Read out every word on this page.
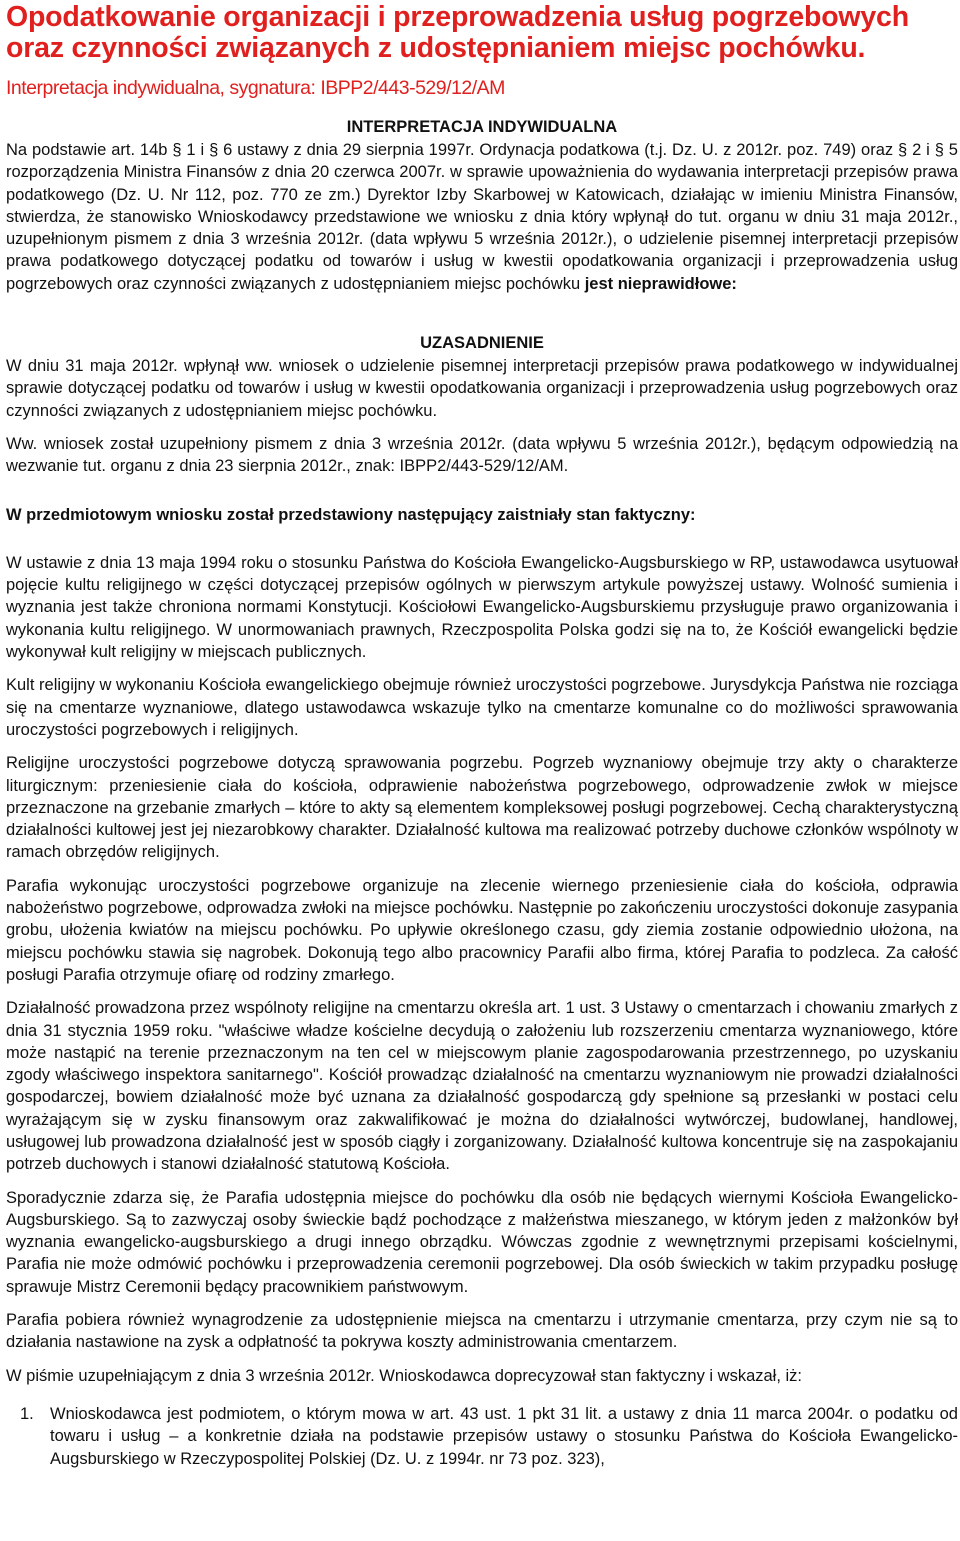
Opodatkowanie organizacji i przeprowadzenia usług pogrzebowych oraz czynności związanych z udostępnianiem miejsc pochówku.
Interpretacja indywidualna, sygnatura: IBPP2/443-529/12/AM
INTERPRETACJA INDYWIDUALNA

Na podstawie art. 14b § 1 i § 6 ustawy z dnia 29 sierpnia 1997r. Ordynacja podatkowa (t.j. Dz. U. z 2012r. poz. 749) oraz § 2 i § 5 rozporządzenia Ministra Finansów z dnia 20 czerwca 2007r. w sprawie upoważnienia do wydawania interpretacji przepisów prawa podatkowego (Dz. U. Nr 112, poz. 770 ze zm.) Dyrektor Izby Skarbowej w Katowicach, działając w imieniu Ministra Finansów, stwierdza, że stanowisko Wnioskodawcy przedstawione we wniosku z dnia który wpłynął do tut. organu w dniu 31 maja 2012r., uzupełnionym pismem z dnia 3 września 2012r. (data wpływu 5 września 2012r.), o udzielenie pisemnej interpretacji przepisów prawa podatkowego dotyczącej podatku od towarów i usług w kwestii opodatkowania organizacji i przeprowadzenia usług pogrzebowych oraz czynności związanych z udostępnianiem miejsc pochówku jest nieprawidłowe:

UZASADNIENIE

W dniu 31 maja 2012r. wpłynął ww. wniosek o udzielenie pisemnej interpretacji przepisów prawa podatkowego w indywidualnej sprawie dotyczącej podatku od towarów i usług w kwestii opodatkowania organizacji i przeprowadzenia usług pogrzebowych oraz czynności związanych z udostępnianiem miejsc pochówku.

Ww. wniosek został uzupełniony pismem z dnia 3 września 2012r. (data wpływu 5 września 2012r.), będącym odpowiedzią na wezwanie tut. organu z dnia 23 sierpnia 2012r., znak: IBPP2/443-529/12/AM.

W przedmiotowym wniosku został przedstawiony następujący zaistniały stan faktyczny:

W ustawie z dnia 13 maja 1994 roku o stosunku Państwa do Kościoła Ewangelicko-Augsburskiego w RP, ustawodawca usytuował pojęcie kultu religijnego w części dotyczącej przepisów ogólnych w pierwszym artykule powyższej ustawy. Wolność sumienia i wyznania jest także chroniona normami Konstytucji. Kościołowi Ewangelicko-Augsburskiemu przysługuje prawo organizowania i wykonania kultu religijnego. W unormowaniach prawnych, Rzeczpospolita Polska godzi się na to, że Kościół ewangelicki będzie wykonywał kult religijny w miejscach publicznych.

Kult religijny w wykonaniu Kościoła ewangelickiego obejmuje również uroczystości pogrzebowe. Jurysdykcja Państwa nie rozciąga się na cmentarze wyznaniowe, dlatego ustawodawca wskazuje tylko na cmentarze komunalne co do możliwości sprawowania uroczystości pogrzebowych i religijnych.

Religijne uroczystości pogrzebowe dotyczą sprawowania pogrzebu. Pogrzeb wyznaniowy obejmuje trzy akty o charakterze liturgicznym: przeniesienie ciała do kościoła, odprawienie nabożeństwa pogrzebowego, odprowadzenie zwłok w miejsce przeznaczone na grzebanie zmarłych – które to akty są elementem kompleksowej posługi pogrzebowej. Cechą charakterystyczną działalności kultowej jest jej niezarobkowy charakter. Działalność kultowa ma realizować potrzeby duchowe członków wspólnoty w ramach obrzędów religijnych.

Parafia wykonując uroczystości pogrzebowe organizuje na zlecenie wiernego przeniesienie ciała do kościoła, odprawia nabożeństwo pogrzebowe, odprowadza zwłoki na miejsce pochówku. Następnie po zakończeniu uroczystości dokonuje zasypania grobu, ułożenia kwiatów na miejscu pochówku. Po upływie określonego czasu, gdy ziemia zostanie odpowiednio ułożona, na miejscu pochówku stawia się nagrobek. Dokonują tego albo pracownicy Parafii albo firma, której Parafia to podzleca. Za całość posługi Parafia otrzymuje ofiarę od rodziny zmarłego.

Działalność prowadzona przez wspólnoty religijne na cmentarzu określa art. 1 ust. 3 Ustawy o cmentarzach i chowaniu zmarłych z dnia 31 stycznia 1959 roku. "właściwe władze kościelne decydują o założeniu lub rozszerzeniu cmentarza wyznaniowego, które może nastąpić na terenie przeznaczonym na ten cel w miejscowym planie zagospodarowania przestrzennego, po uzyskaniu zgody właściwego inspektora sanitarnego". Kościół prowadząc działalność na cmentarzu wyznaniowym nie prowadzi działalności gospodarczej, bowiem działalność może być uznana za działalność gospodarczą gdy spełnione są przesłanki w postaci celu wyrażającym się w zysku finansowym oraz zakwalifikować je można do działalności wytwórczej, budowlanej, handlowej, usługowej lub prowadzona działalność jest w sposób ciągły i zorganizowany. Działalność kultowa koncentruje się na zaspokajaniu potrzeb duchowych i stanowi działalność statutową Kościoła.

Sporadycznie zdarza się, że Parafia udostępnia miejsce do pochówku dla osób nie będących wiernymi Kościoła Ewangelicko-Augsburskiego. Są to zazwyczaj osoby świeckie bądź pochodzące z małżeństwa mieszanego, w którym jeden z małżonków był wyznania ewangelicko-augsburskiego a drugi innego obrządku. Wówczas zgodnie z wewnętrznymi przepisami kościelnymi, Parafia nie może odmówić pochówku i przeprowadzenia ceremonii pogrzebowej. Dla osób świeckich w takim przypadku posługę sprawuje Mistrz Ceremonii będący pracownikiem państwowym.

Parafia pobiera również wynagrodzenie za udostępnienie miejsca na cmentarzu i utrzymanie cmentarza, przy czym nie są to działania nastawione na zysk a odpłatność ta pokrywa koszty administrowania cmentarzem.

W piśmie uzupełniającym z dnia 3 września 2012r. Wnioskodawca doprecyzował stan faktyczny i wskazał, iż:

1. Wnioskodawca jest podmiotem, o którym mowa w art. 43 ust. 1 pkt 31 lit. a ustawy z dnia 11 marca 2004r. o podatku od towaru i usług – a konkretnie działa na podstawie przepisów ustawy o stosunku Państwa do Kościoła Ewangelicko-Augsburskiego w Rzeczypospolitej Polskiej (Dz. U. z 1994r. nr 73 poz. 323),
